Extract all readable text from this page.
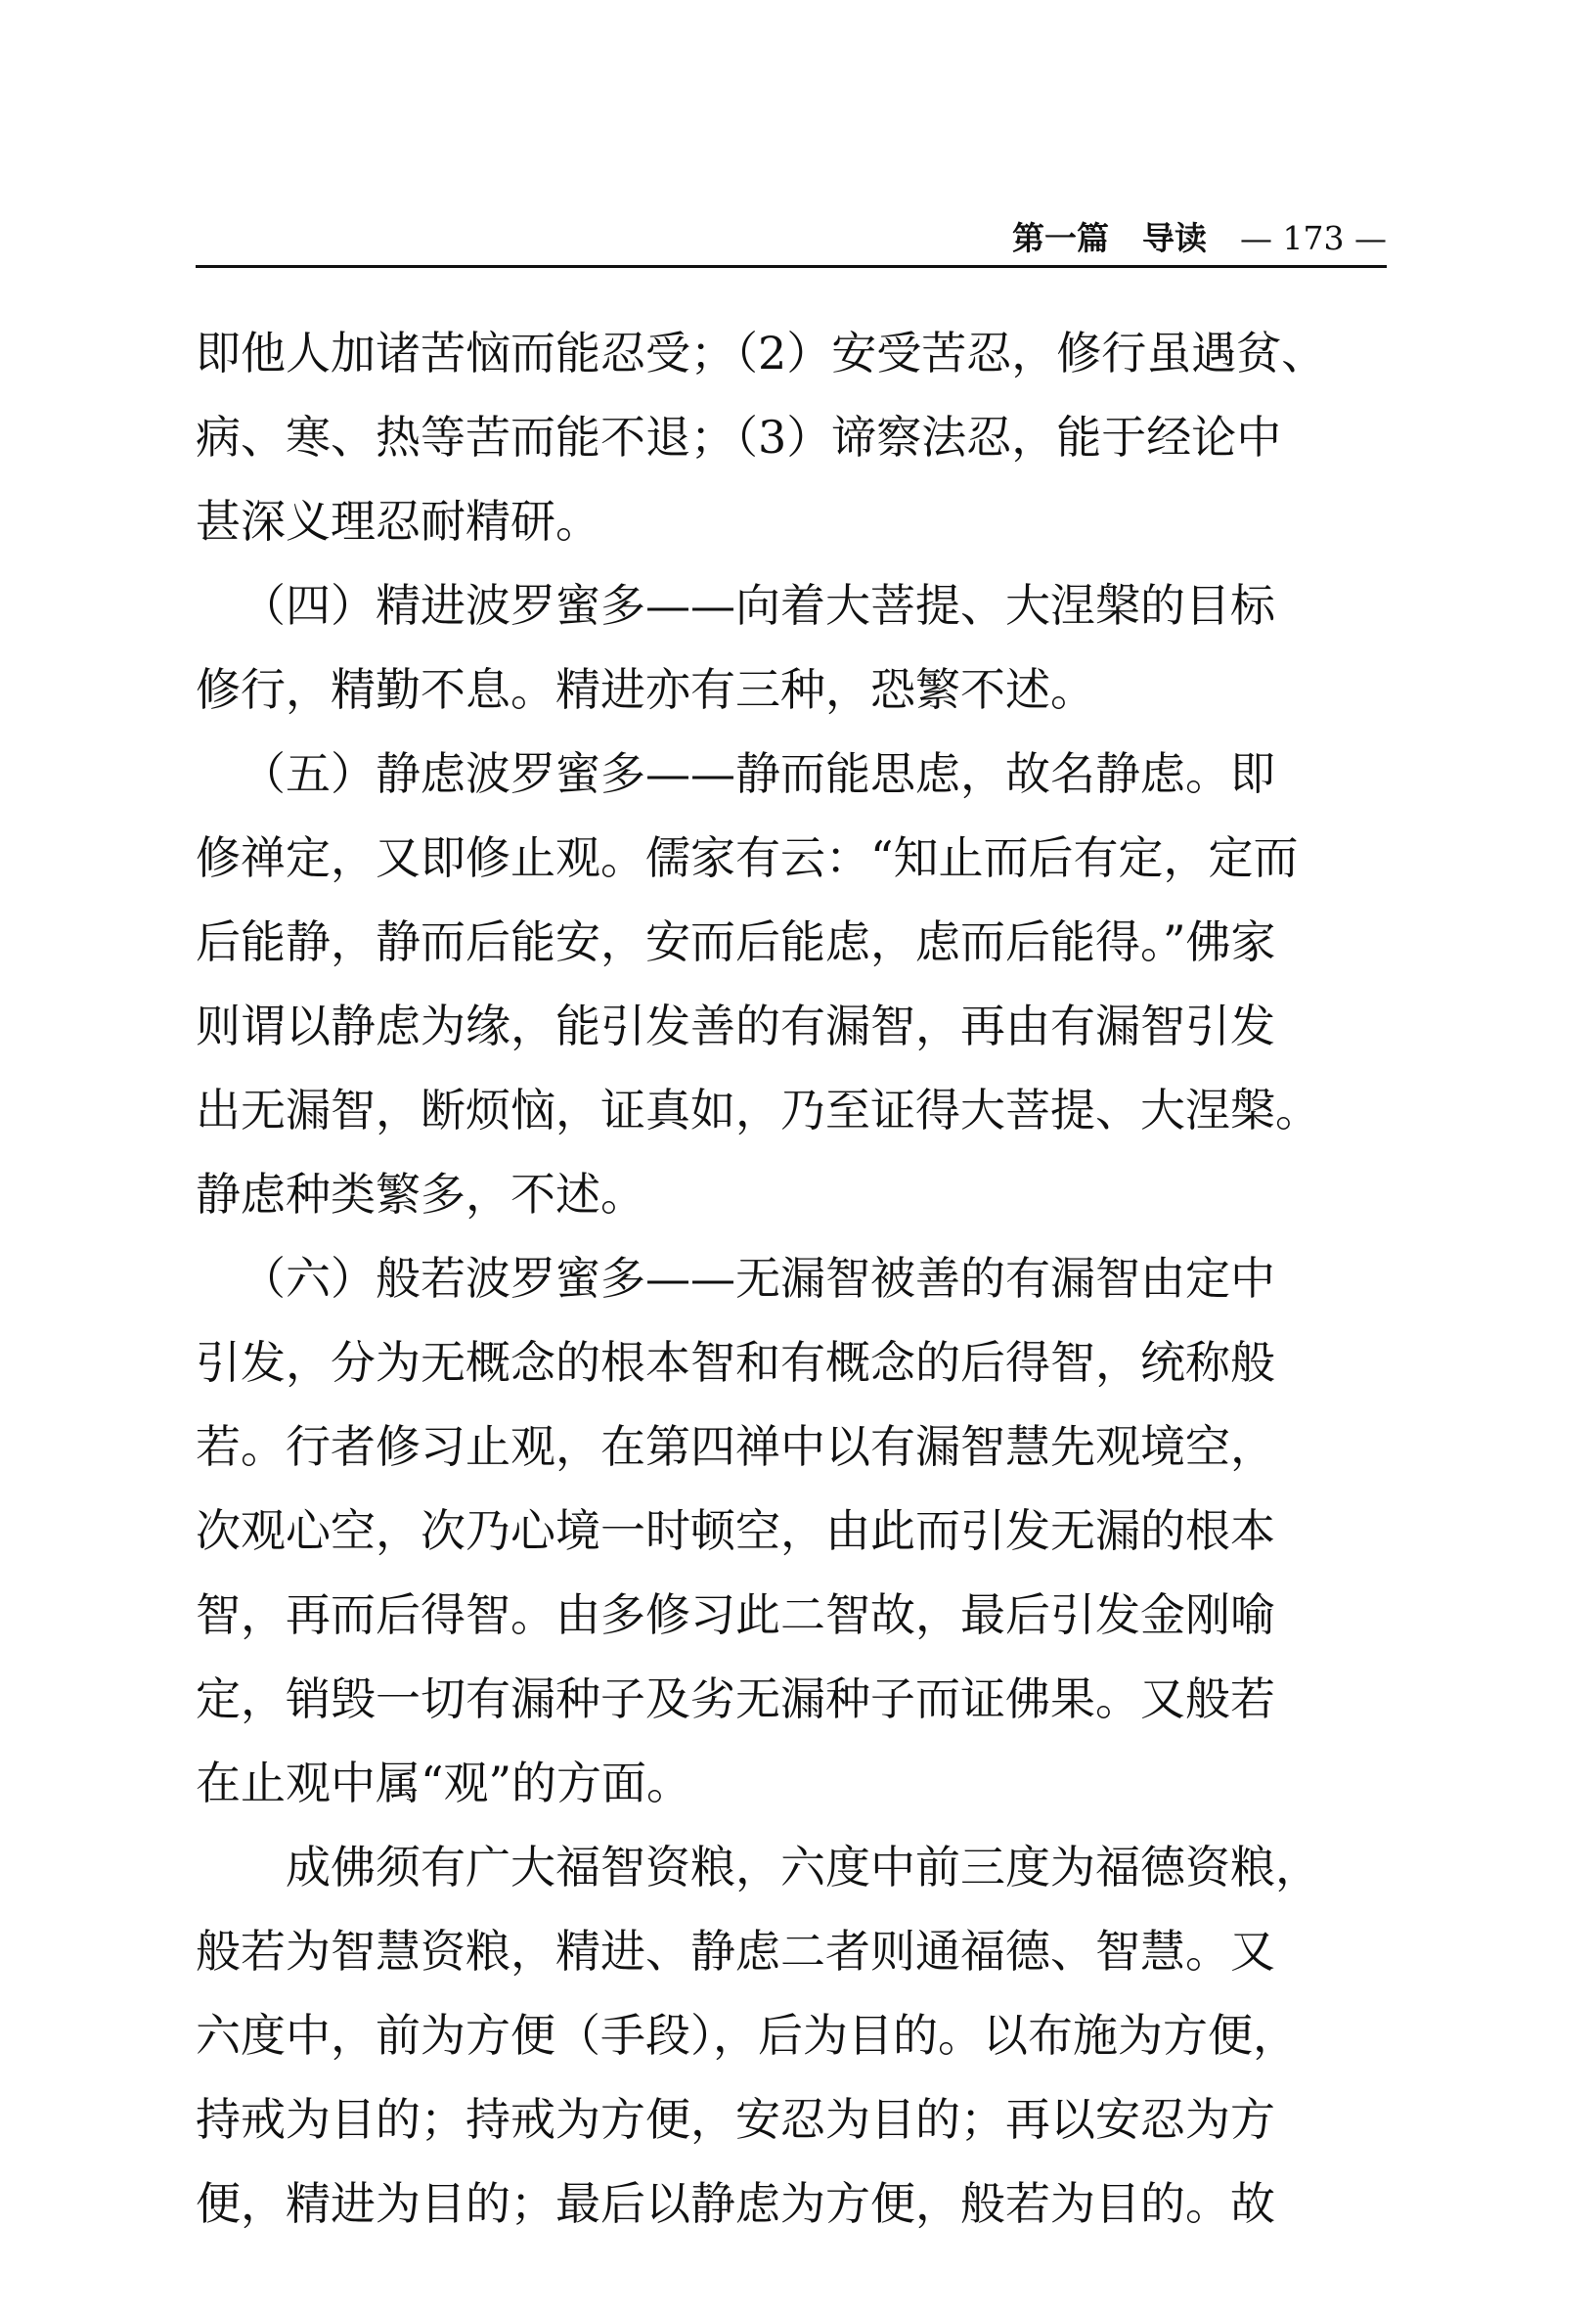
第一篇 导读 — 173 —
即他人加诸苦恼而能忍受；（2）安受苦忍，修行虽遇贫、
病、寒、热等苦而能不退；（3）谛察法忍，能于经论中
甚深义理忍耐精研。
（四）精进波罗蜜多——向着大菩提、大涅槃的目标
修行，精勤不息。精进亦有三种，恐繁不述。
（五）静虑波罗蜜多——静而能思虑，故名静虑。即
修禅定，又即修止观。儒家有云：“知止而后有定，定而
后能静，静而后能安，安而后能虑，虑而后能得。”佛家
则谓以静虑为缘，能引发善的有漏智，再由有漏智引发
出无漏智，断烦恼，证真如，乃至证得大菩提、大涅槃。
静虑种类繁多，不述。
（六）般若波罗蜜多——无漏智被善的有漏智由定中
引发，分为无概念的根本智和有概念的后得智，统称般
若。行者修习止观，在第四禅中以有漏智慧先观境空，
次观心空，次乃心境一时顿空，由此而引发无漏的根本
智，再而后得智。由多修习此二智故，最后引发金刚喻
定，销毁一切有漏种子及劣无漏种子而证佛果。又般若
在止观中属“观”的方面。
成佛须有广大福智资粮，六度中前三度为福德资粮，
般若为智慧资粮，精进、静虑二者则通福德、智慧。又
六度中，前为方便（手段），后为目的。以布施为方便，
持戒为目的；持戒为方便，安忍为目的；再以安忍为方
便，精进为目的；最后以静虑为方便，般若为目的。故
